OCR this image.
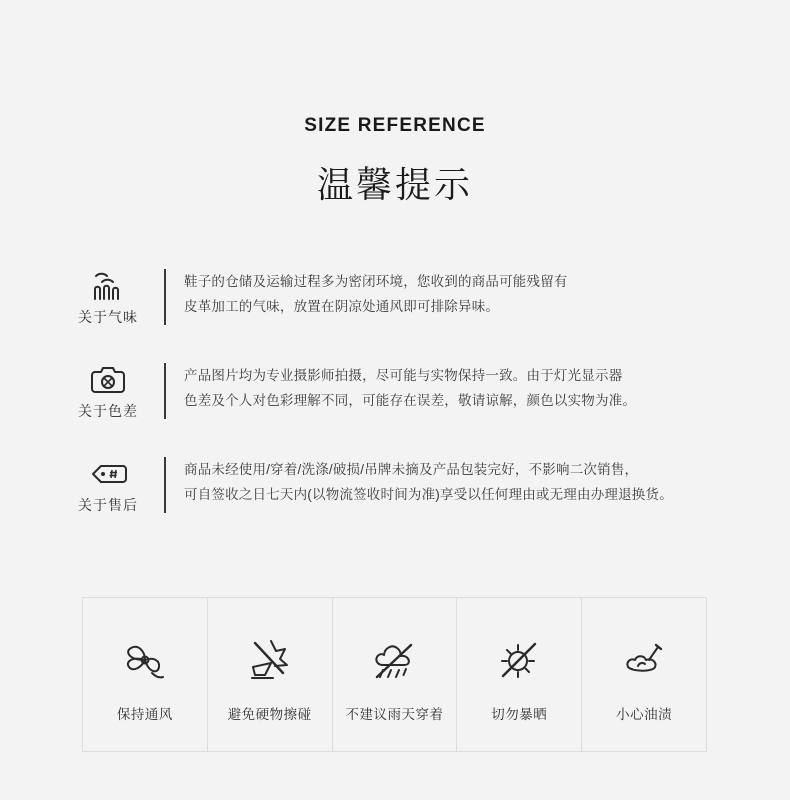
SIZE REFERENCE
温馨提示
关于气味
鞋子的仓储及运输过程多为密闭环境，您收到的商品可能残留有
皮革加工的气味，放置在阴凉处通风即可排除异味。
关于色差
产品图片均为专业摄影师拍摄，尽可能与实物保持一致。由于灯光显示器
色差及个人对色彩理解不同，可能存在误差，敬请谅解，颜色以实物为准。
关于售后
商品未经使用/穿着/洗涤/破损/吊牌未摘及产品包装完好，不影响二次销售，
可自签收之日七天内(以物流签收时间为准)享受以任何理由或无理由办理退换货。
保持通风	避免硬物擦碰	不建议雨天穿着	切勿暴晒	小心油渍
